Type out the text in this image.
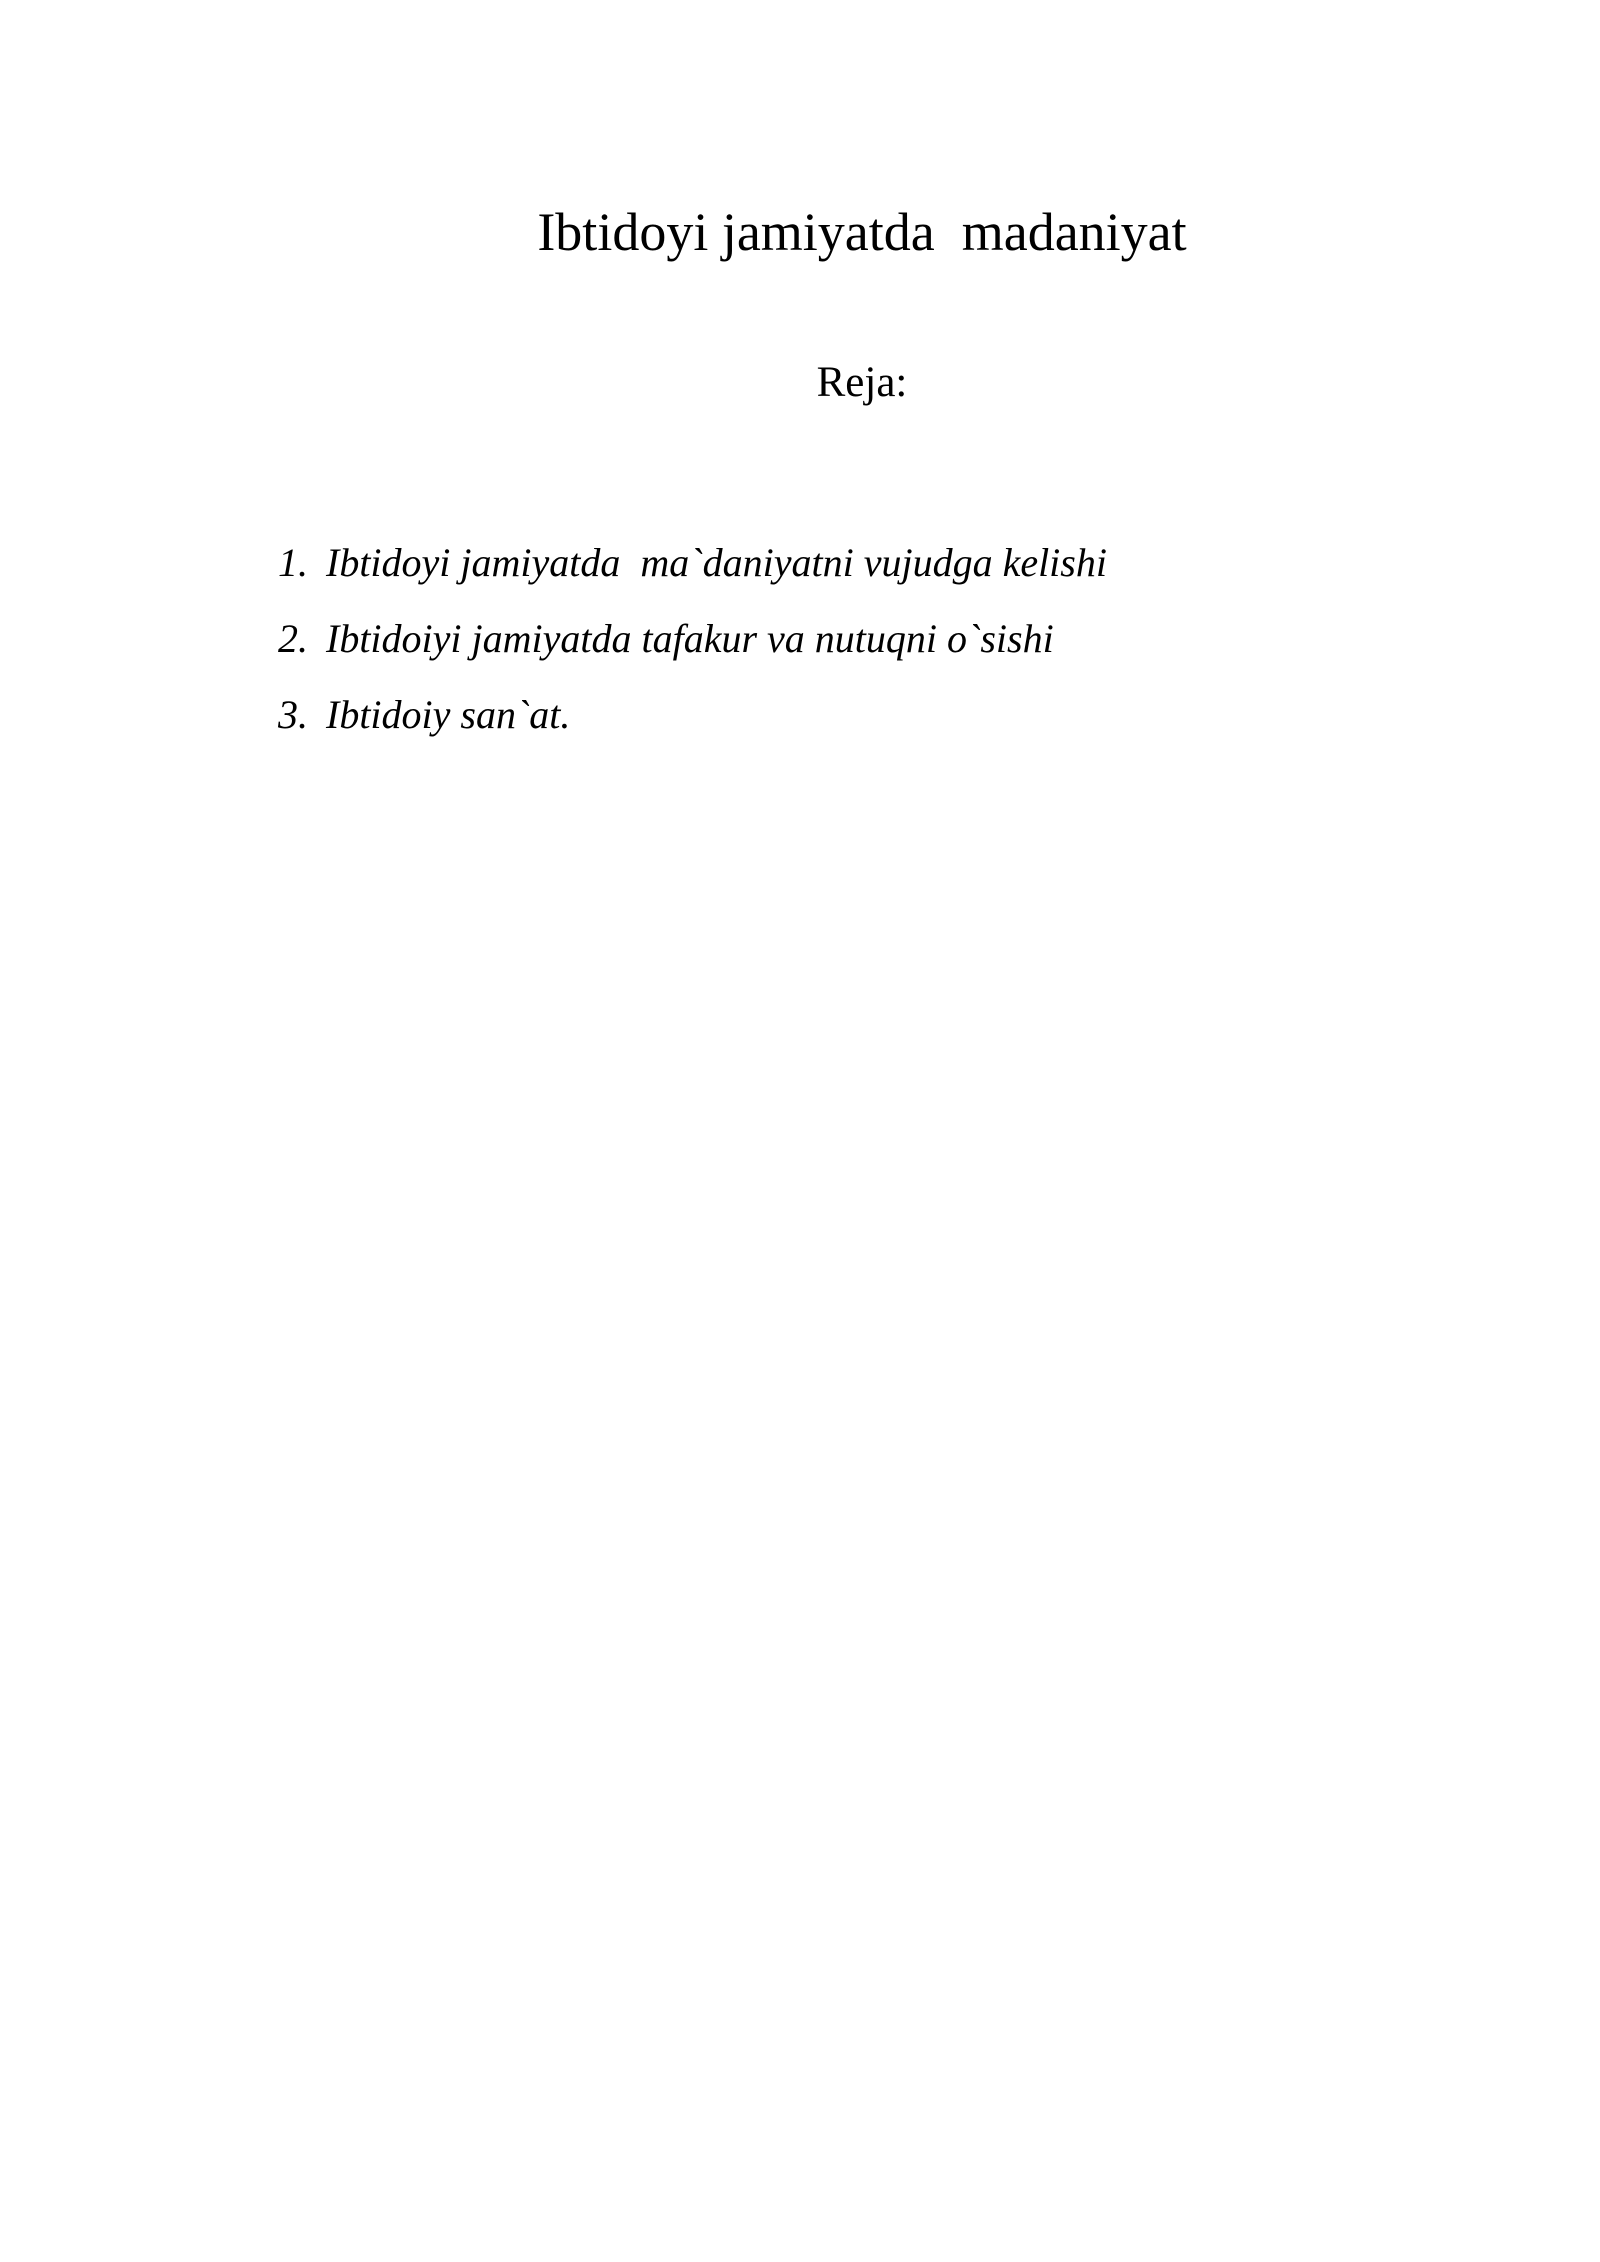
Ibtidoyi jamiyatda  madaniyat
Reja:
1. Ibtidoyi jamiyatda  ma`daniyatni vujudga kelishi
2. Ibtidoiyi jamiyatda tafakur va nutuqni o`sishi
3. Ibtidoiy san`at.
